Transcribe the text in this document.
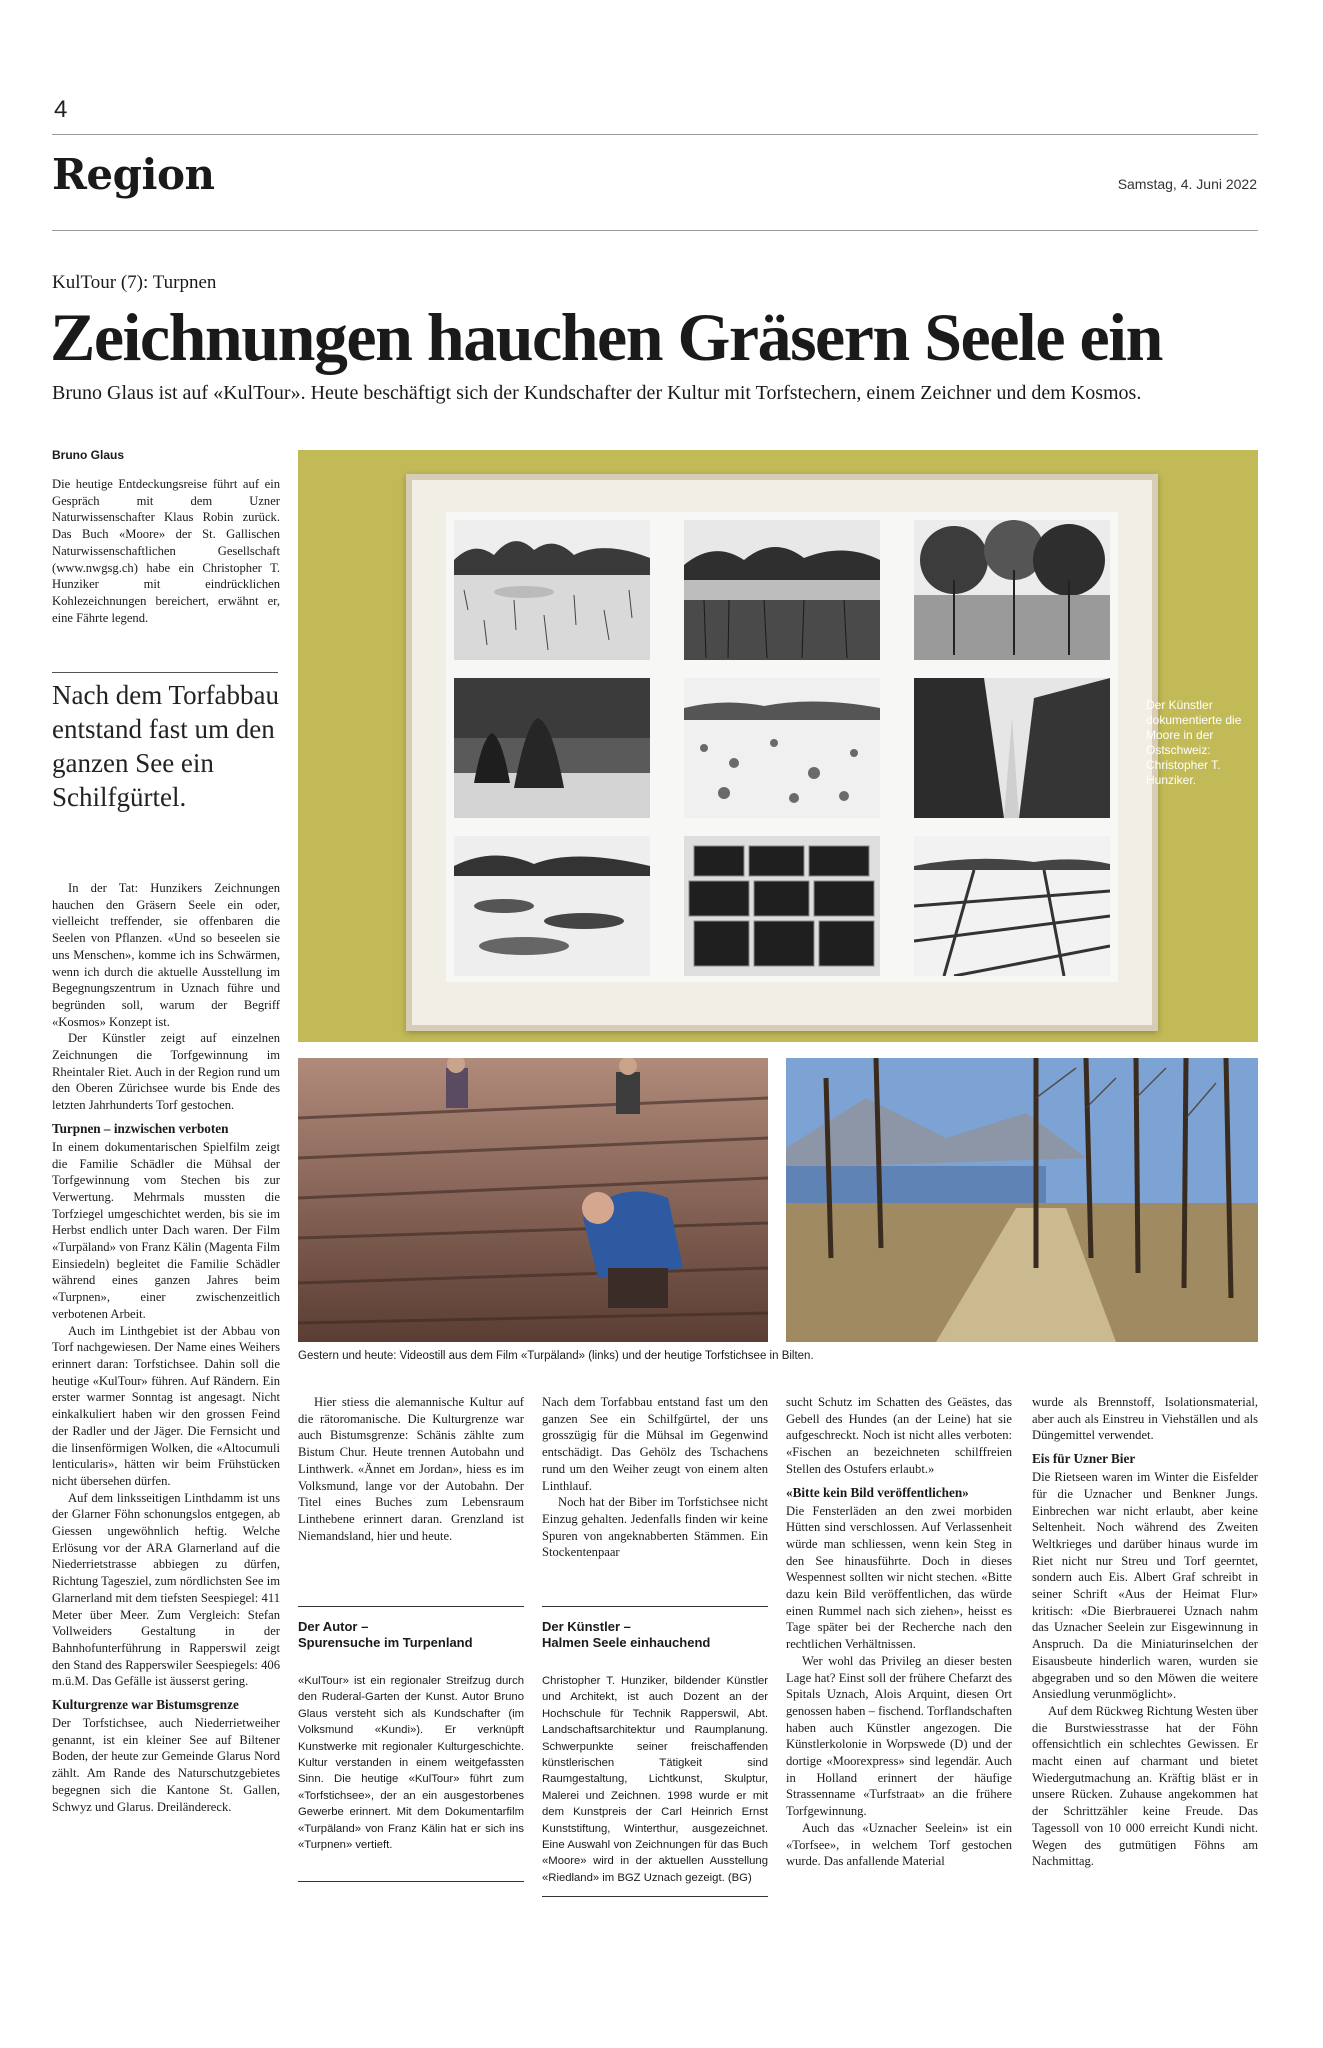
4
Region	Samstag, 4. Juni 2022
KulTour (7): Turpnen
Zeichnungen hauchen Gräsern Seele ein
Bruno Glaus ist auf «KulTour». Heute beschäftigt sich der Kundschafter der Kultur mit Torfstechern, einem Zeichner und dem Kosmos.
Bruno Glaus

Die heutige Entdeckungsreise führt auf ein Gespräch mit dem Uzner Naturwissenschafter Klaus Robin zurück. Das Buch «Moore» der St. Gallischen Naturwissenschaftlichen Gesellschaft (www.nwgsg.ch) habe ein Christopher T. Hunziker mit eindrücklichen Kohlezeichnungen bereichert, erwähnt er, eine Fährte legend.

Nach dem Torfabbau entstand fast um den ganzen See ein Schilfgürtel.

In der Tat: Hunzikers Zeichnungen hauchen den Gräsern Seele ein oder, vielleicht treffender, sie offenbaren die Seelen von Pflanzen. «Und so beseelen sie uns Menschen», komme ich ins Schwärmen, wenn ich durch die aktuelle Ausstellung im Begegnungszentrum in Uznach führe und begründen soll, warum der Begriff «Kosmos» Konzept ist.

Der Künstler zeigt auf einzelnen Zeichnungen die Torfgewinnung im Rheintaler Riet. Auch in der Region rund um den Oberen Zürichsee wurde bis Ende des letzten Jahrhunderts Torf gestochen.

Turpnen – inzwischen verboten

In einem dokumentarischen Spielfilm zeigt die Familie Schädler die Mühsal der Torfgewinnung vom Stechen bis zur Verwertung. Mehrmals mussten die Torfziegel umgeschichtet werden, bis sie im Herbst endlich unter Dach waren. Der Film «Turpäland» von Franz Kälin (Magenta Film Einsiedeln) begleitet die Familie Schädler während eines ganzen Jahres beim «Turpnen», einer zwischenzeitlich verbotenen Arbeit.

Auch im Linthgebiet ist der Abbau von Torf nachgewiesen. Der Name eines Weihers erinnert daran: Torfstichsee. Dahin soll die heutige «KulTour» führen. Auf Rändern. Ein erster warmer Sonntag ist angesagt. Nicht einkalkuliert haben wir den grossen Feind der Radler und der Jäger. Die Fernsicht und die linsenförmigen Wolken, die «Altocumuli lenticularis», hätten wir beim Frühstücken nicht übersehen dürfen.

Auf dem linksseitigen Linthdamm ist uns der Glarner Föhn schonungslos entgegen, ab Giessen ungewöhnlich heftig. Welche Erlösung vor der ARA Glarnerland auf die Niederrietstrasse abbiegen zu dürfen, Richtung Tagesziel, zum nördlichsten See im Glarnerland mit dem tiefsten Seespiegel: 411 Meter über Meer. Zum Vergleich: Stefan Vollweiders Gestaltung in der Bahnhofunterführung in Rapperswil zeigt den Stand des Rapperswiler Seespiegels: 406 m.ü.M. Das Gefälle ist äusserst gering.

Kulturgrenze war Bistumsgrenze

Der Torfstichsee, auch Niederrietweiher genannt, ist ein kleiner See auf Biltener Boden, der heute zur Gemeinde Glarus Nord zählt. Am Rande des Naturschutzgebietes begegnen sich die Kantone St. Gallen, Schwyz und Glarus. Dreiländereck.

Der Künstler dokumentierte die Moore in der Ostschweiz: Christopher T. Hunziker.
Gestern und heute: Videostill aus dem Film «Turpäland» (links) und der heutige Torfstichsee in Bilten.

Hier stiess die alemannische Kultur auf die rätoromanische. Die Kulturgrenze war auch Bistumsgrenze: Schänis zählte zum Bistum Chur. Heute trennen Autobahn und Linthwerk. «Ännet em Jordan», hiess es im Volksmund, lange vor der Autobahn. Der Titel eines Buches zum Lebensraum Linthebene erinnert daran. Grenzland ist Niemandsland, hier und heute.

Der Autor –
Spurensuche im Turpenland
«KulTour» ist ein regionaler Streifzug durch den Ruderal-Garten der Kunst. Autor Bruno Glaus versteht sich als Kundschafter (im Volksmund «Kundi»). Er verknüpft Kunstwerke mit regionaler Kulturgeschichte. Kultur verstanden in einem weitgefassten Sinn. Die heutige «KulTour» führt zum «Torfstichsee», der an ein ausgestorbenes Gewerbe erinnert. Mit dem Dokumentarfilm «Turpäland» von Franz Kälin hat er sich ins «Turpnen» vertieft.

Nach dem Torfabbau entstand fast um den ganzen See ein Schilfgürtel, der uns grosszügig für die Mühsal im Gegenwind entschädigt. Das Gehölz des Tschachens rund um den Weiher zeugt von einem alten Linthlauf.

Noch hat der Biber im Torfstichsee nicht Einzug gehalten. Jedenfalls finden wir keine Spuren von angeknabberten Stämmen. Ein Stockentenpaar

Der Künstler –
Halmen Seele einhauchend
Christopher T. Hunziker, bildender Künstler und Architekt, ist auch Dozent an der Hochschule für Technik Rapperswil, Abt. Landschaftsarchitektur und Raumplanung. Schwerpunkte seiner freischaffenden künstlerischen Tätigkeit sind Raumgestaltung, Lichtkunst, Skulptur, Malerei und Zeichnen. 1998 wurde er mit dem Kunstpreis der Carl Heinrich Ernst Kunststiftung, Winterthur, ausgezeichnet. Eine Auswahl von Zeichnungen für das Buch «Moore» wird in der aktuellen Ausstellung «Riedland» im BGZ Uznach gezeigt. (BG)

sucht Schutz im Schatten des Geästes, das Gebell des Hundes (an der Leine) hat sie aufgeschreckt. Noch ist nicht alles verboten: «Fischen an bezeichneten schilffreien Stellen des Ostufers erlaubt.»

«Bitte kein Bild veröffentlichen»

Die Fensterläden an den zwei morbiden Hütten sind verschlossen. Auf Verlassenheit würde man schliessen, wenn kein Steg in den See hinausführte. Doch in dieses Wespennest sollten wir nicht stechen. «Bitte dazu kein Bild veröffentlichen, das würde einen Rummel nach sich ziehen», heisst es Tage später bei der Recherche nach den rechtlichen Verhältnissen.

Wer wohl das Privileg an dieser besten Lage hat? Einst soll der frühere Chefarzt des Spitals Uznach, Alois Arquint, diesen Ort genossen haben – fischend. Torflandschaften haben auch Künstler angezogen. Die Künstlerkolonie in Worpswede (D) und der dortige «Moorexpress» sind legendär. Auch in Holland erinnert der häufige Strassenname «Turfstraat» an die frühere Torfgewinnung.

Auch das «Uznacher Seelein» ist ein «Torfsee», in welchem Torf gestochen wurde. Das anfallende Material

wurde als Brennstoff, Isolationsmaterial, aber auch als Einstreu in Viehställen und als Düngemittel verwendet.

Eis für Uzner Bier

Die Rietseen waren im Winter die Eisfelder für die Uznacher und Benkner Jungs. Einbrechen war nicht erlaubt, aber keine Seltenheit. Noch während des Zweiten Weltkrieges und darüber hinaus wurde im Riet nicht nur Streu und Torf geerntet, sondern auch Eis. Albert Graf schreibt in seiner Schrift «Aus der Heimat Flur» kritisch: «Die Bierbrauerei Uznach nahm das Uznacher Seelein zur Eisgewinnung in Anspruch. Da die Miniaturinselchen der Eisausbeute hinderlich waren, wurden sie abgegraben und so den Möwen die weitere Ansiedlung verunmöglicht».

Auf dem Rückweg Richtung Westen über die Burstwiesstrasse hat der Föhn offensichtlich ein schlechtes Gewissen. Er macht einen auf charmant und bietet Wiedergutmachung an. Kräftig bläst er in unsere Rücken. Zuhause angekommen hat der Schrittzähler keine Freude. Das Tagessoll von 10 000 erreicht Kundi nicht. Wegen des gutmütigen Föhns am Nachmittag.
